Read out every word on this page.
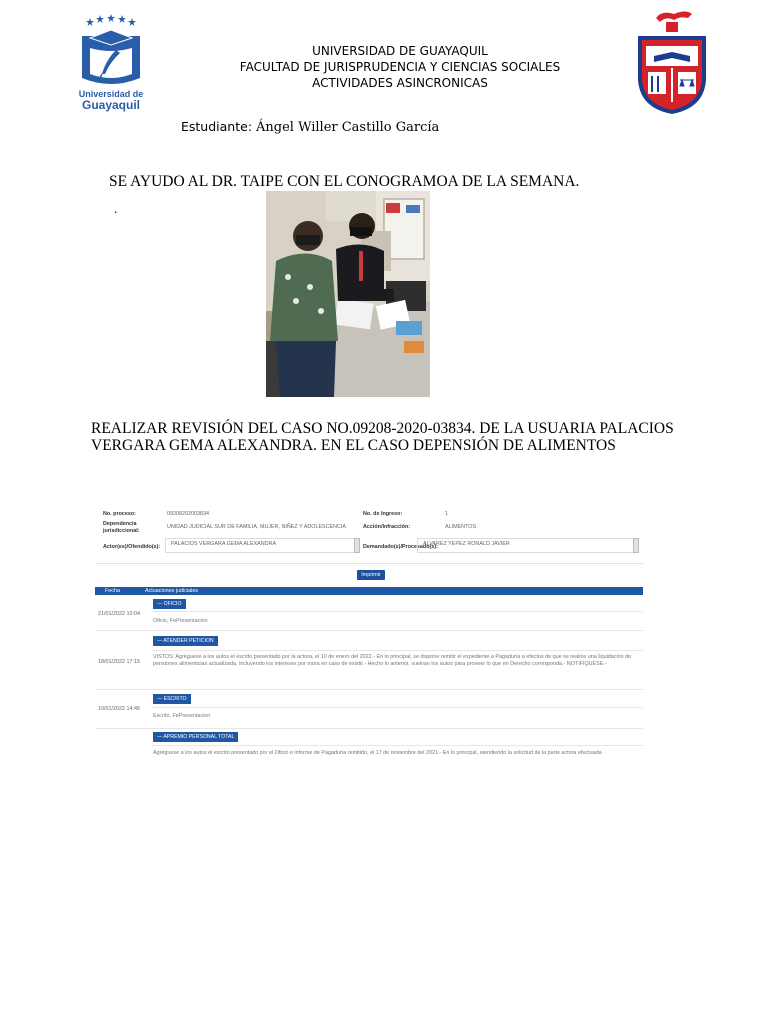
Universidad de
Guayaquil
UNIVERSIDAD DE GUAYAQUIL
FACULTAD DE JURISPRUDENCIA Y CIENCIAS SOCIALES
ACTIVIDADES ASINCRONICAS
Estudiante: Ángel Willer Castillo García
SE AYUDO AL DR. TAIPE CON EL CONOGRAMOA DE LA SEMANA.
.
REALIZAR REVISIÓN DEL CASO NO.09208-2020-03834. DE LA USUARIA PALACIOS VERGARA GEMA ALEXANDRA. EN EL CASO DEPENSIÓN DE ALIMENTOS
No. proceso:	09208202003834	No. de Ingreso:	1
Dependencia
jurisdiccional:
UNIDAD JUDICIAL SUR DE FAMILIA, MUJER, NIÑEZ Y ADOLESCENCIA	Acción/Infracción:	ALIMENTOS
Actor(es)/Ofendido(s): PALACIOS VERGARA GEMA ALEXANDRA	Demandado(s)/Procesado(s):
ALVAREZ YEPEZ RONALD JAVIER
Imprimir
Fecha	Actuaciones judiciales
21/01/2022 10:04
— OFICIO
Oficio, FePresentacion
18/01/2022 17:15
— ATENDER PETICION
VISTOS: Agréguese a los autos el escrito presentado por la actora, el 10 de enero del 2022.- En lo principal, se dispone remitir el expediente a Pagaduría a efectos de que se realice una liquidación de pensiones alimenticias actualizada, incluyendo los intereses por mora en caso de existir.- Hecho lo anterior, vuelvan los autos para proveer lo que en Derecho corresponda.- NOTIFÍQUESE.-
10/01/2022 14:45
— ESCRITO
Escrito, FePresentacion
— APREMIO PERSONAL TOTAL
Agréguese a los autos el escrito presentado por el Oficio e informe de Pagaduría remitido, el 17 de noviembre del 2021.- En lo principal, atendiendo la solicitud de la parte actora efectuada
